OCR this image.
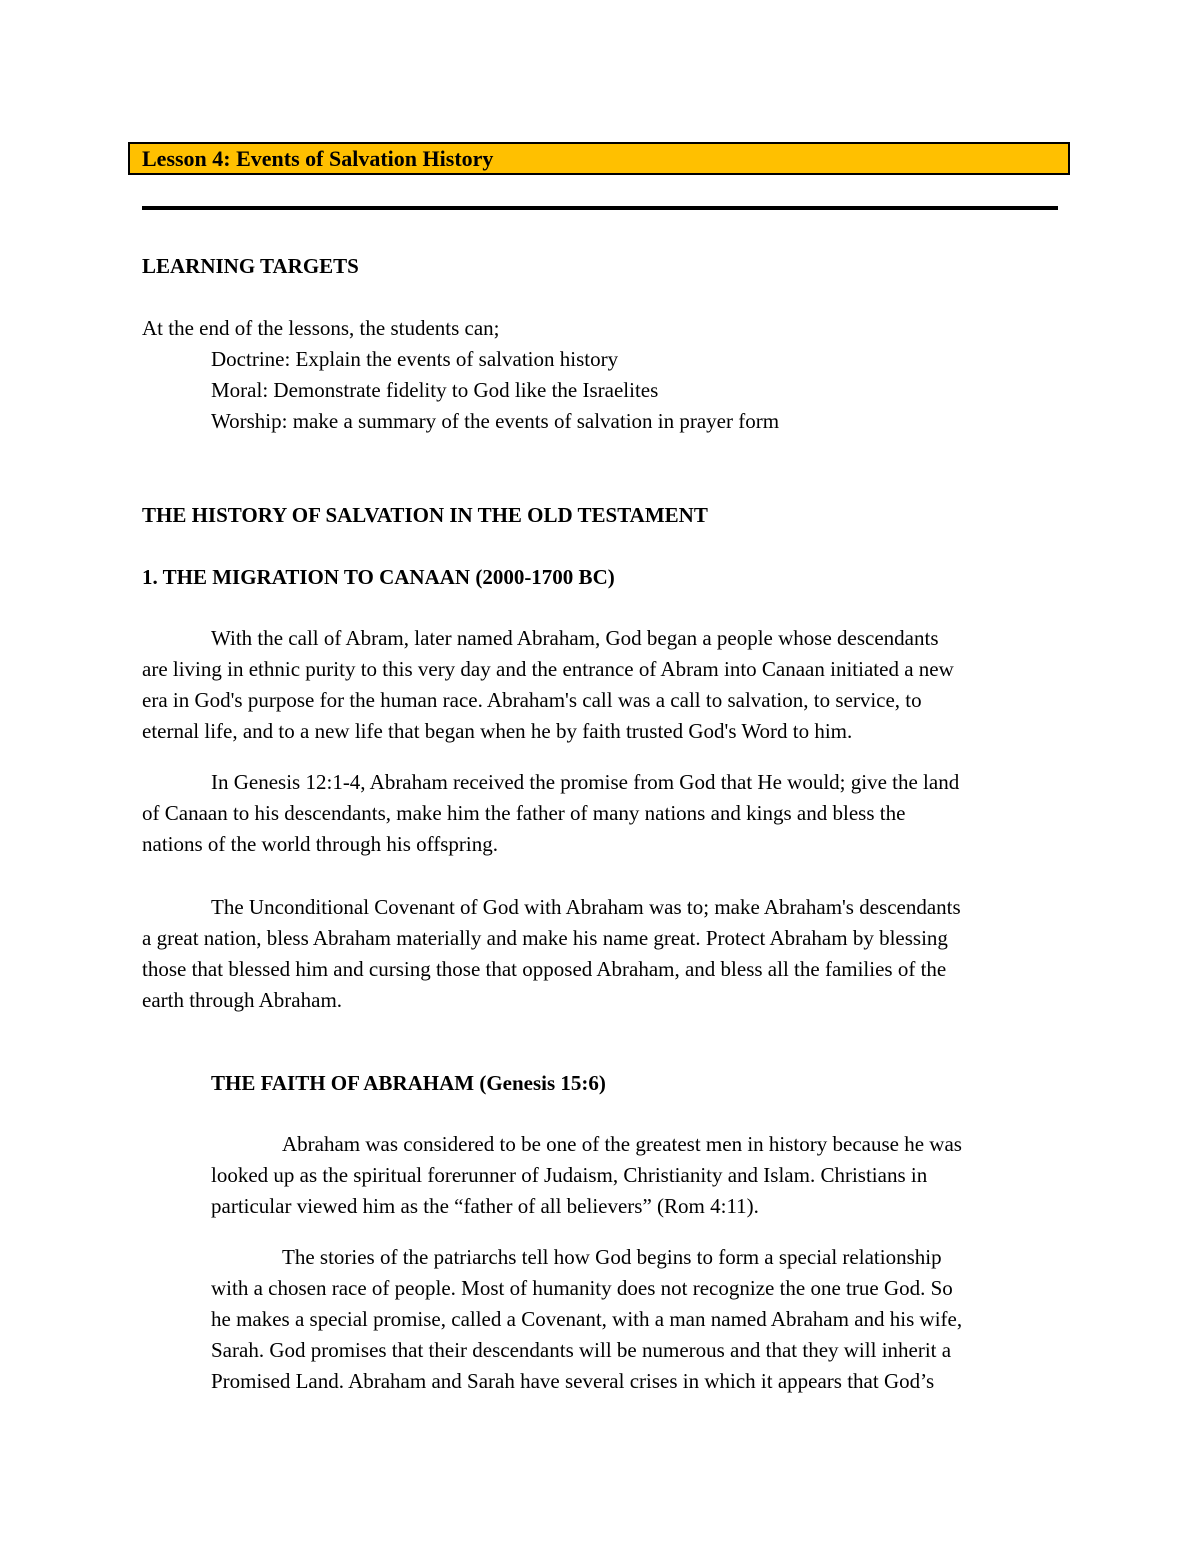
Lesson 4: Events of Salvation History
LEARNING TARGETS
At the end of the lessons, the students can;
Doctrine: Explain the events of salvation history
Moral: Demonstrate fidelity to God like the Israelites
Worship: make a summary of the events of salvation in prayer form
THE HISTORY OF SALVATION IN THE OLD TESTAMENT
1. THE MIGRATION TO CANAAN (2000-1700 BC)
With the call of Abram, later named Abraham, God began a people whose descendants
are living in ethnic purity to this very day and the entrance of Abram into Canaan initiated a new
era in God's purpose for the human race. Abraham's call was a call to salvation, to service, to
eternal life, and to a new life that began when he by faith trusted God's Word to him.
In Genesis 12:1-4, Abraham received the promise from God that He would; give the land
of Canaan to his descendants, make him the father of many nations and kings and bless the
nations of the world through his offspring.
The Unconditional Covenant of God with Abraham was to; make Abraham's descendants
a great nation, bless Abraham materially and make his name great. Protect Abraham by blessing
those that blessed him and cursing those that opposed Abraham, and bless all the families of the
earth through Abraham.
THE FAITH OF ABRAHAM (Genesis 15:6)
Abraham was considered to be one of the greatest men in history because he was
looked up as the spiritual forerunner of Judaism, Christianity and Islam. Christians in
particular viewed him as the “father of all believers” (Rom 4:11).
The stories of the patriarchs tell how God begins to form a special relationship
with a chosen race of people. Most of humanity does not recognize the one true God. So
he makes a special promise, called a Covenant, with a man named Abraham and his wife,
Sarah. God promises that their descendants will be numerous and that they will inherit a
Promised Land. Abraham and Sarah have several crises in which it appears that God’s
